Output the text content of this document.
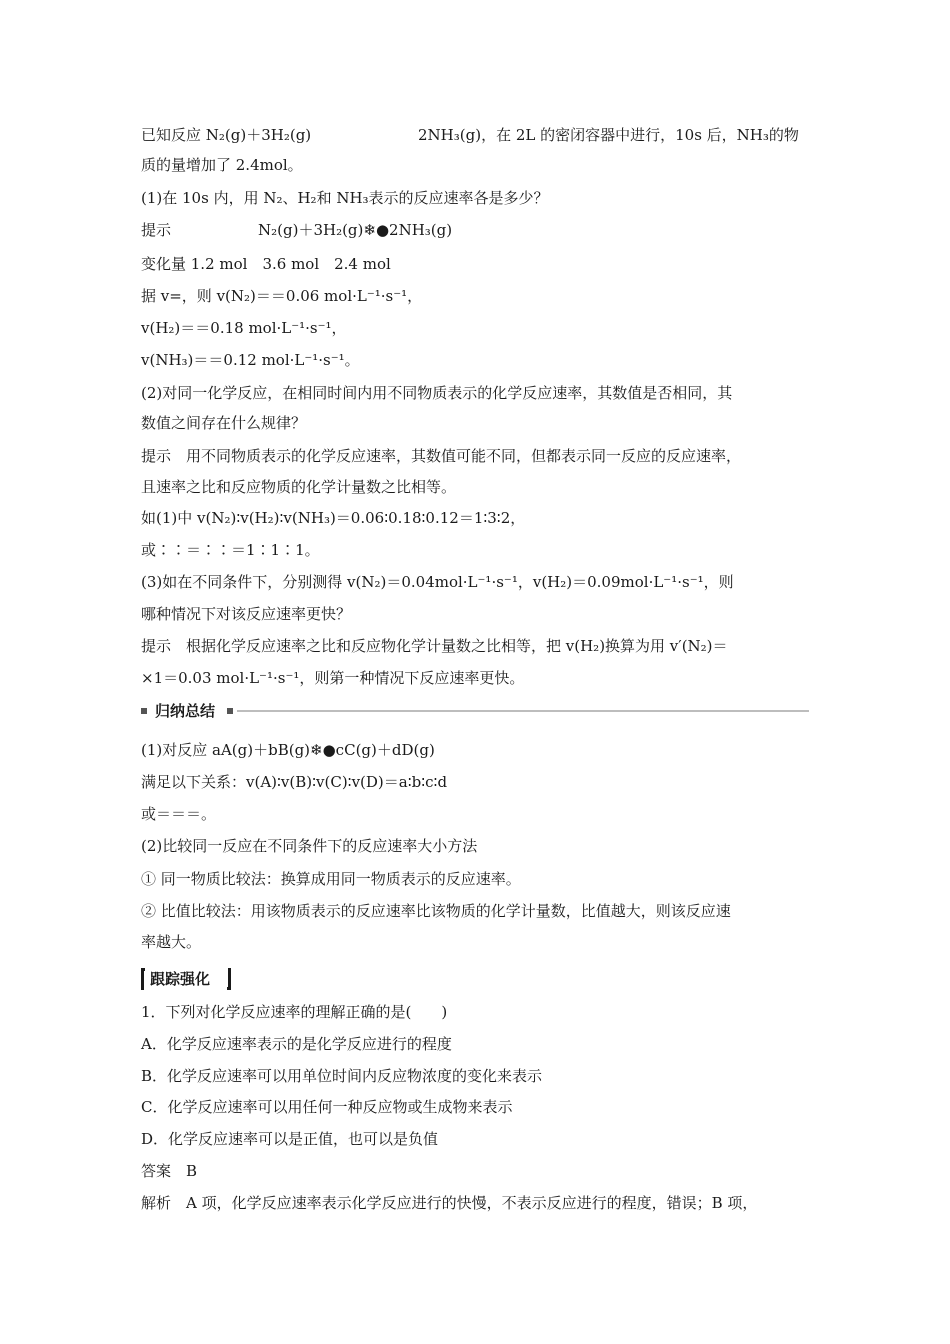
已知反应 N₂(g)＋3H₂(g)	2NH₃(g)，在 2L 的密闭容器中进行，10s 后，NH₃的物
质的量增加了 2.4mol。
(1)在 10s 内，用 N₂、H₂和 NH₃表示的反应速率各是多少？
提示	N₂(g)＋3H₂(g)❄●2NH₃(g)
变化量 1.2 mol　3.6 mol　2.4 mol
据 v=，则 v(N₂)＝＝0.06 mol·L⁻¹·s⁻¹，
v(H₂)＝＝0.18 mol·L⁻¹·s⁻¹，
v(NH₃)＝＝0.12 mol·L⁻¹·s⁻¹。
(2)对同一化学反应，在相同时间内用不同物质表示的化学反应速率，其数值是否相同，其
数值之间存在什么规律？
提示　用不同物质表示的化学反应速率，其数值可能不同，但都表示同一反应的反应速率，
且速率之比和反应物质的化学计量数之比相等。
如(1)中 v(N₂)∶v(H₂)∶v(NH₃)＝0.06∶0.18∶0.12＝1∶3∶2，
或∶∶＝∶∶＝1∶1∶1。
(3)如在不同条件下，分别测得 v(N₂)＝0.04mol·L⁻¹·s⁻¹，v(H₂)＝0.09mol·L⁻¹·s⁻¹，则
哪种情况下对该反应速率更快？
提示　根据化学反应速率之比和反应物化学计量数之比相等，把 v(H₂)换算为用 v′(N₂)＝
×1＝0.03 mol·L⁻¹·s⁻¹，则第一种情况下反应速率更快。
归纳总结
(1)对反应 aA(g)＋bB(g)❄●cC(g)＋dD(g)
满足以下关系：v(A)∶v(B)∶v(C)∶v(D)＝a∶b∶c∶d
或＝＝＝。
(2)比较同一反应在不同条件下的反应速率大小方法
① 同一物质比较法：换算成用同一物质表示的反应速率。
② 比值比较法：用该物质表示的反应速率比该物质的化学计量数，比值越大，则该反应速
率越大。
跟踪强化
1．下列对化学反应速率的理解正确的是(　　)
A．化学反应速率表示的是化学反应进行的程度
B．化学反应速率可以用单位时间内反应物浓度的变化来表示
C．化学反应速率可以用任何一种反应物或生成物来表示
D．化学反应速率可以是正值，也可以是负值
答案　B
解析　A 项，化学反应速率表示化学反应进行的快慢，不表示反应进行的程度，错误；B 项，
